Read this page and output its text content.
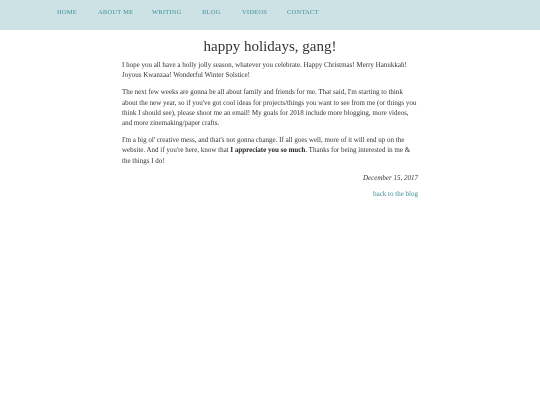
HOME	ABOUT ME	WRITING	BLOG	VIDEOS	CONTACT
happy holidays, gang!

I hope you all have a holly jolly season, whatever you celebrate. Happy Christmas! Merry Hanukkah! Joyous Kwanzaa! Wonderful Winter Solstice!

The next few weeks are gonna be all about family and friends for me. That said, I'm starting to think about the new year, so if you've got cool ideas for projects/things you want to see from me (or things you think I should see), please shoot me an email! My goals for 2018 include more blogging, more videos, and more zinemaking/paper crafts.

I'm a big ol' creative mess, and that's not gonna change. If all goes well, more of it will end up on the website. And if you're here, know that I appreciate you so much. Thanks for being interested in me & the things I do!

December 15, 2017
back to the blog
